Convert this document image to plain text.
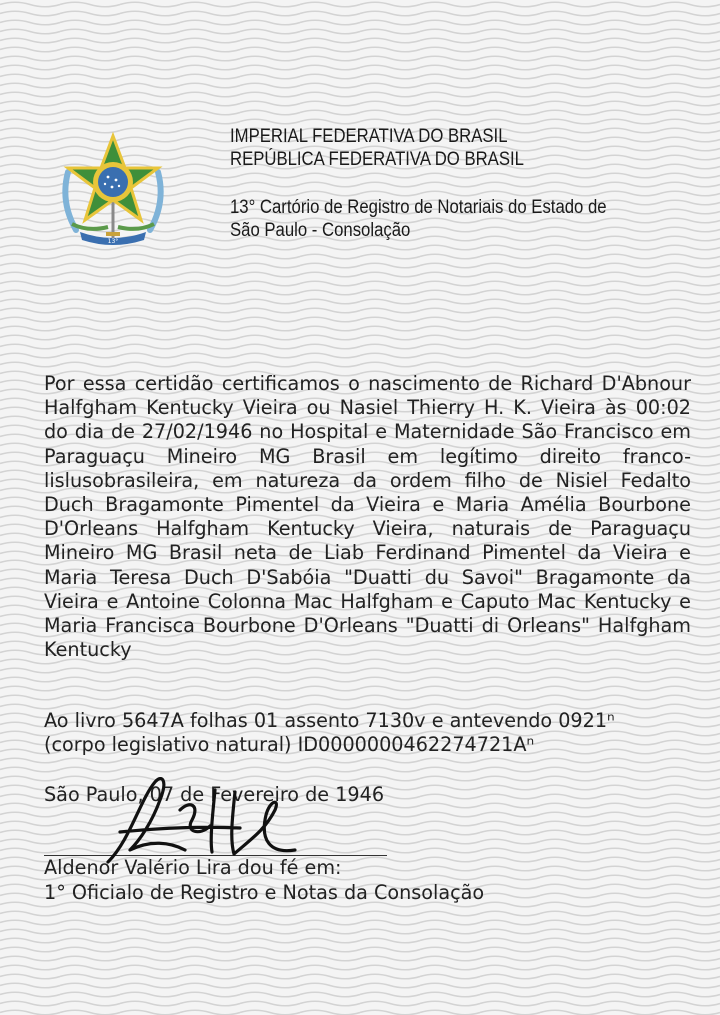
13°
IMPERIAL FEDERATIVA DO BRASIL
REPÚBLICA FEDERATIVA DO BRASIL
13° Cartório de Registro de Notariais do Estado de
São Paulo - Consolação

Por essa certidão certificamos o nascimento de Richard D'Abnour Halfgham Kentucky Vieira ou Nasiel Thierry H. K. Vieira às 00:02 do dia de 27/02/1946 no Hospital e Maternidade São Francisco em Paraguaçu Mineiro MG Brasil em legítimo direito franco-lislusobrasileira, em natureza da ordem filho de Nisiel Fedalto Duch Bragamonte Pimentel da Vieira e Maria Amélia Bourbone D'Orleans Halfgham Kentucky Vieira, naturais de Paraguaçu Mineiro MG Brasil neta de Liab Ferdinand Pimentel da Vieira e Maria Teresa Duch D'Sabóia "Duatti du Savoi" Bragamonte da Vieira e Antoine Colonna Mac Halfgham e Caputo Mac Kentucky e Maria Francisca Bourbone D'Orleans "Duatti di Orleans" Halfgham Kentucky

Ao livro 5647A folhas 01 assento 7130v e antevendo 0921ⁿ
(corpo legislativo natural) ID0000000462274721Aⁿ
São Paulo, 07 de Fevereiro de 1946
Aldenor Valério Lira dou fé em:
1° Oficialo de Registro e Notas da Consolação
